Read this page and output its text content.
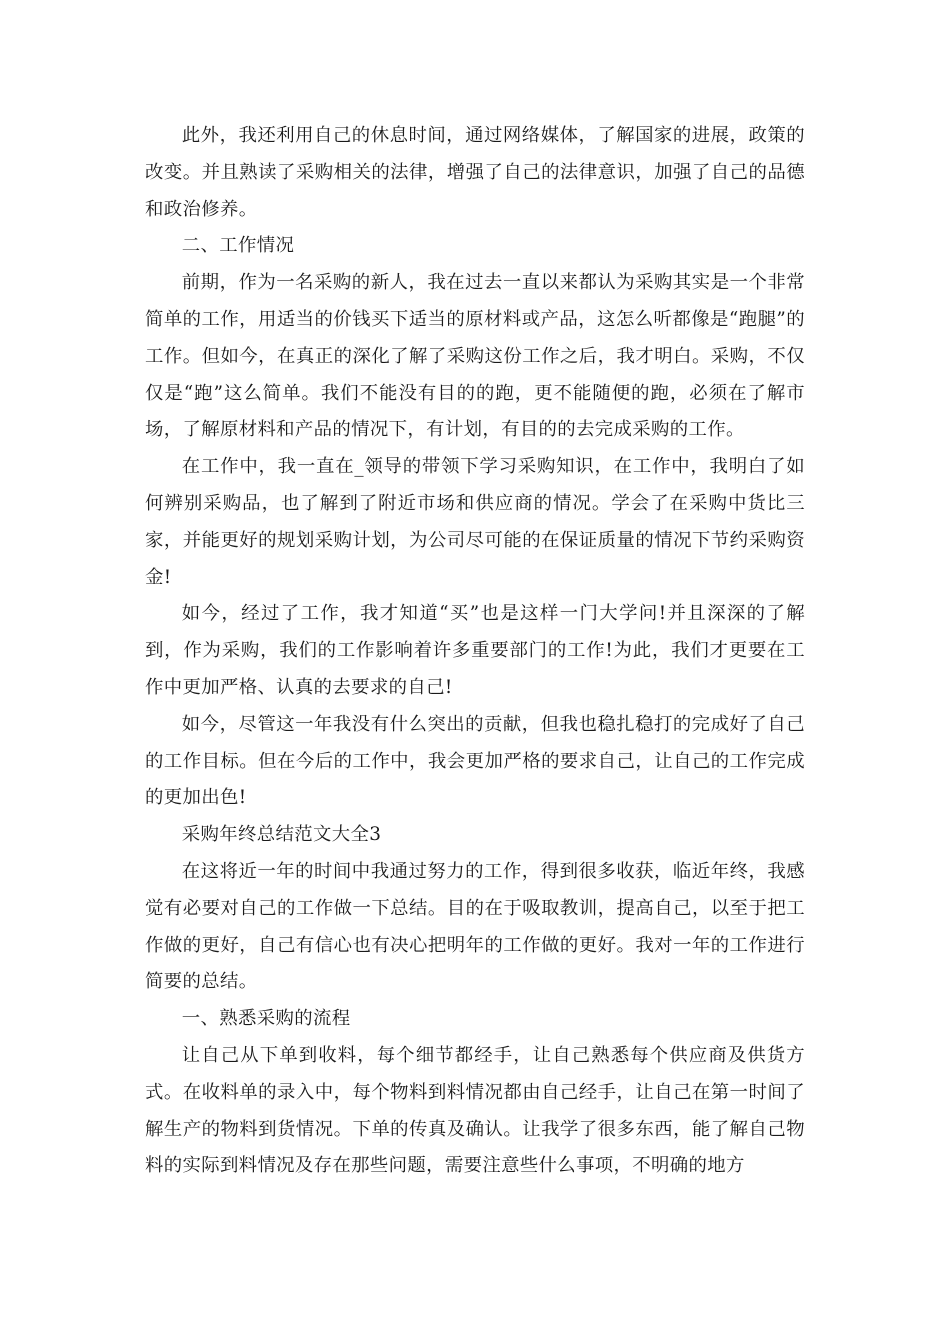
此外，我还利用自己的休息时间，通过网络媒体，了解国家的进展，政策的改变。并且熟读了采购相关的法律，增强了自己的法律意识，加强了自己的品德和政治修养。

二、工作情况

前期，作为一名采购的新人，我在过去一直以来都认为采购其实是一个非常简单的工作，用适当的价钱买下适当的原材料或产品，这怎么听都像是“跑腿”的工作。但如今，在真正的深化了解了采购这份工作之后，我才明白。采购，不仅仅是“跑”这么简单。我们不能没有目的的跑，更不能随便的跑，必须在了解市场，了解原材料和产品的情况下，有计划，有目的的去完成采购的工作。

在工作中，我一直在_领导的带领下学习采购知识，在工作中，我明白了如何辨别采购品，也了解到了附近市场和供应商的情况。学会了在采购中货比三家，并能更好的规划采购计划，为公司尽可能的在保证质量的情况下节约采购资金!

如今，经过了工作，我才知道“买”也是这样一门大学问!并且深深的了解到，作为采购，我们的工作影响着许多重要部门的工作!为此，我们才更要在工作中更加严格、认真的去要求的自己!

如今，尽管这一年我没有什么突出的贡献，但我也稳扎稳打的完成好了自己的工作目标。但在今后的工作中，我会更加严格的要求自己，让自己的工作完成的更加出色!

采购年终总结范文大全3

在这将近一年的时间中我通过努力的工作，得到很多收获，临近年终，我感觉有必要对自己的工作做一下总结。目的在于吸取教训，提高自己，以至于把工作做的更好，自己有信心也有决心把明年的工作做的更好。我对一年的工作进行简要的总结。

一、熟悉采购的流程

让自己从下单到收料，每个细节都经手，让自己熟悉每个供应商及供货方式。在收料单的录入中，每个物料到料情况都由自己经手，让自己在第一时间了解生产的物料到货情况。下单的传真及确认。让我学了很多东西，能了解自己物料的实际到料情况及存在那些问题，需要注意些什么事项，不明确的地方
